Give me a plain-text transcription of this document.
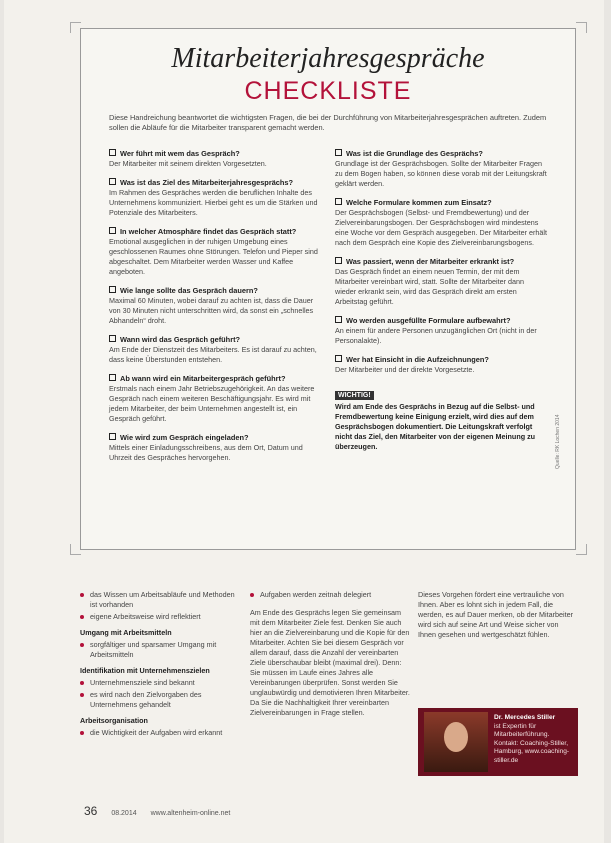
Mitarbeiterjahresgespräche
CHECKLISTE
Diese Handreichung beantwortet die wichtigsten Fragen, die bei der Durchführung von Mitarbeiterjahresgesprächen auftreten. Zudem sollen die Abläufe für die Mitarbeiter transparent gemacht werden.
Wer führt mit wem das Gespräch?
Der Mitarbeiter mit seinem direkten Vorgesetzten.
Was ist das Ziel des Mitarbeiterjahresgesprächs?
Im Rahmen des Gespräches werden die beruflichen Inhalte des Unternehmens kommuniziert. Hierbei geht es um die Stärken und Potenziale des Mitarbeiters.
In welcher Atmosphäre findet das Gespräch statt?
Emotional ausgeglichen in der ruhigen Umgebung eines geschlossenen Raumes ohne Störungen. Telefon und Pieper sind abgeschaltet. Dem Mitarbeiter werden Wasser und Kaffee angeboten.
Wie lange sollte das Gespräch dauern?
Maximal 60 Minuten, wobei darauf zu achten ist, dass die Dauer von 30 Minuten nicht unterschritten wird, da sonst ein „schnelles Abhandeln“ droht.
Wann wird das Gespräch geführt?
Am Ende der Dienstzeit des Mitarbeiters. Es ist darauf zu achten, dass keine Überstunden entstehen.
Ab wann wird ein Mitarbeitergespräch geführt?
Erstmals nach einem Jahr Betriebszugehörigkeit. An das weitere Gespräch nach einem weiteren Beschäftigungsjahr. Es wird mit jedem Mitarbeiter, der beim Unternehmen angestellt ist, ein Gespräch geführt.
Wie wird zum Gespräch eingeladen?
Mittels einer Einladungsschreibens, aus dem Ort, Datum und Uhrzeit des Gespräches hervorgehen.
Was ist die Grundlage des Gesprächs?
Grundlage ist der Gesprächsbogen. Sollte der Mitarbeiter Fragen zu dem Bogen haben, so können diese vorab mit der Leitungskraft geklärt werden.
Welche Formulare kommen zum Einsatz?
Der Gesprächsbogen (Selbst- und Fremdbewertung) und der Zielvereinbarungsbogen. Der Gesprächsbogen wird mindestens eine Woche vor dem Gespräch ausgegeben. Der Mitarbeiter erhält nach dem Gespräch eine Kopie des Zielvereinbarungsbogens.
Was passiert, wenn der Mitarbeiter erkrankt ist?
Das Gespräch findet an einem neuen Termin, der mit dem Mitarbeiter vereinbart wird, statt. Sollte der Mitarbeiter dann wieder erkrankt sein, wird das Gespräch direkt am ersten Arbeitstag geführt.
Wo werden ausgefüllte Formulare aufbewahrt?
An einem für andere Personen unzugänglichen Ort (nicht in der Personalakte).
Wer hat Einsicht in die Aufzeichnungen?
Der Mitarbeiter und der direkte Vorgesetzte.
WICHTIG!
Wird am Ende des Gesprächs in Bezug auf die Selbst- und Fremdbewertung keine Einigung erzielt, wird dies auf dem Gesprächsbogen dokumentiert. Die Leitungskraft verfolgt nicht das Ziel, den Mitarbeiter von der eigenen Meinung zu überzeugen.	Quelle: RK Lochen 2014
das Wissen um Arbeitsabläufe und Methoden ist vorhanden
eigene Arbeitsweise wird reflektiert
Umgang mit Arbeitsmitteln
sorgfältiger und sparsamer Umgang mit Arbeitsmitteln
Identifikation mit Unternehmenszielen
Unternehmensziele sind bekannt
es wird nach den Zielvorgaben des Unternehmens gehandelt
Arbeitsorganisation
die Wichtigkeit der Aufgaben wird erkannt
Aufgaben werden zeitnah delegiert
Am Ende des Gesprächs legen Sie gemeinsam mit dem Mitarbeiter Ziele fest. Denken Sie auch hier an die Zielvereinbarung und die Kopie für den Mitarbeiter. Achten Sie bei diesem Gespräch vor allem darauf, dass die Anzahl der vereinbarten Ziele überschaubar bleibt (maximal drei). Denn: Sie müssen im Laufe eines Jahres alle Vereinbarungen überprüfen. Sonst werden Sie unglaubwürdig und demotivieren Ihren Mitarbeiter. Da Sie die Nachhaltigkeit Ihrer vereinbarten Zielvereinbarungen in Frage stellen.
Dieses Vorgehen fördert eine vertrauliche von Ihnen. Aber es lohnt sich in jedem Fall, die werden, es auf Dauer merken, ob der Mitarbeiter wird sich auf seine Art und Weise sicher von Ihnen gesehen und wertgeschätzt fühlen.
Dr. Mercedes Stiller
ist Expertin für Mitarbeiterführung. Kontakt: Coaching-Stiller, Hamburg, www.coaching-stiller.de
36 08.2014 www.altenheim-online.net
